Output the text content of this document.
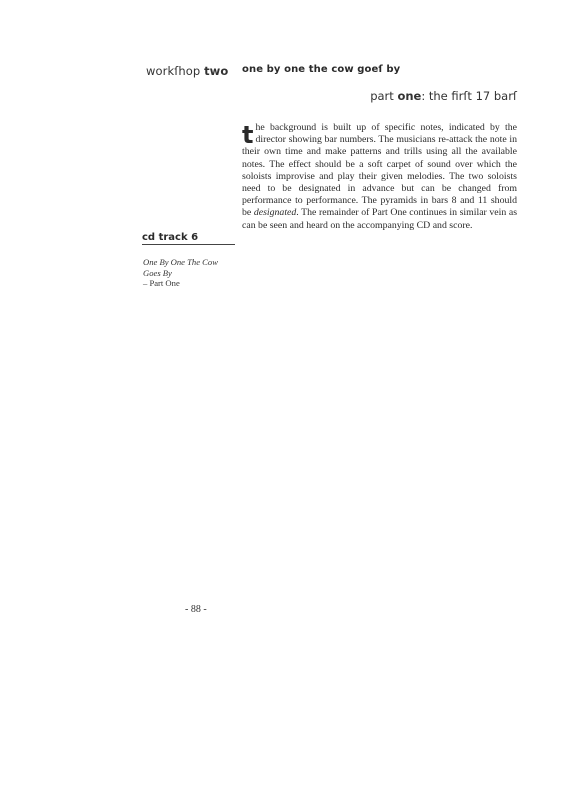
workſhop two one by one the cow goeſ by
part one: the firſt 17 barſ

the background is built up of specific notes, indicated by the director showing bar numbers. The musicians re-attack the note in their own time and make patterns and trills using all the available notes. The effect should be a soft carpet of sound over which the soloists improvise and play their given melodies. The two soloists need to be designated in advance but can be changed from performance to performance. The pyramids in bars 8 and 11 should be designated. The remainder of Part One continues in similar vein as can be seen and heard on the accompanying CD and score.

cd track 6
One By One The Cow
Goes By
– Part One
- 88 -
